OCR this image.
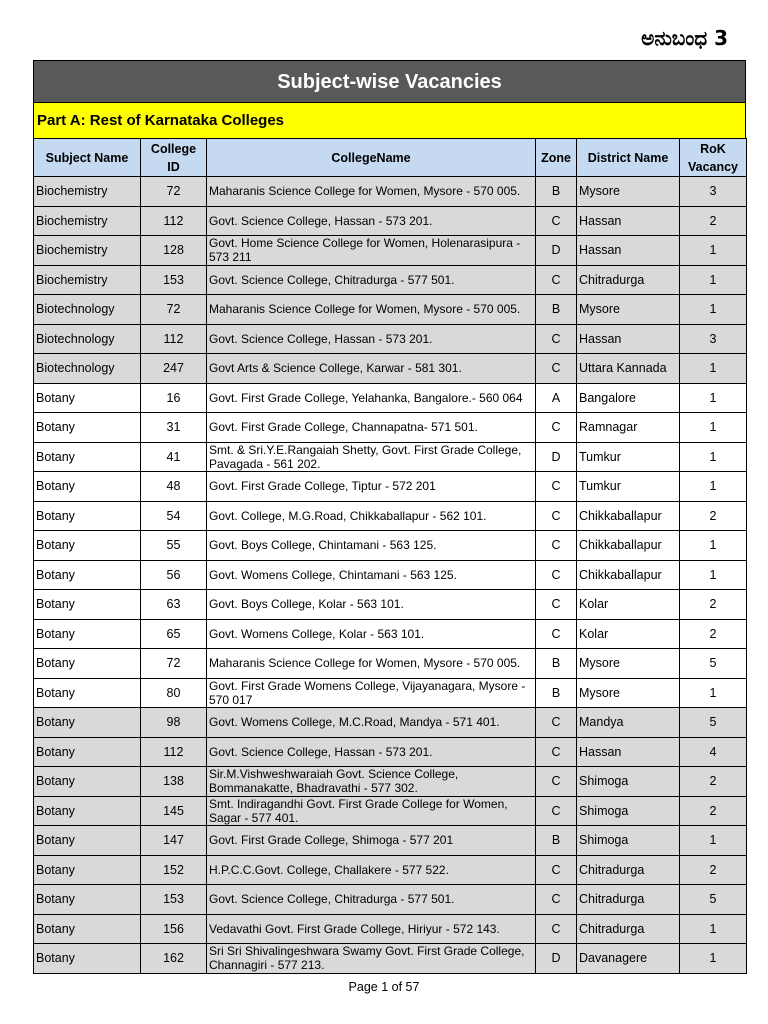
ಅನುಬಂಧ 3
Subject-wise Vacancies
Part A: Rest of Karnataka Colleges
Subject Name	College ID	CollegeName	Zone	District Name	RoK Vacancy
Biochemistry	72	Maharanis Science College for Women, Mysore - 570 005.	B	Mysore	3
Biochemistry	112	Govt. Science College, Hassan - 573 201.	C	Hassan	2
Biochemistry	128	Govt. Home Science College for Women, Holenarasipura - 573 211	D	Hassan	1
Biochemistry	153	Govt. Science College, Chitradurga - 577 501.	C	Chitradurga	1
Biotechnology	72	Maharanis Science College for Women, Mysore - 570 005.	B	Mysore	1
Biotechnology	112	Govt. Science College, Hassan - 573 201.	C	Hassan	3
Biotechnology	247	Govt Arts & Science College, Karwar - 581 301.	C	Uttara Kannada	1
Botany	16	Govt. First Grade College, Yelahanka, Bangalore.- 560 064	A	Bangalore	1
Botany	31	Govt. First Grade College, Channapatna- 571 501.	C	Ramnagar	1
Botany	41	Smt. & Sri.Y.E.Rangaiah Shetty, Govt. First Grade College, Pavagada - 561 202.	D	Tumkur	1
Botany	48	Govt. First Grade College, Tiptur - 572 201	C	Tumkur	1
Botany	54	Govt. College, M.G.Road, Chikkaballapur - 562 101.	C	Chikkaballapur	2
Botany	55	Govt. Boys College, Chintamani - 563 125.	C	Chikkaballapur	1
Botany	56	Govt. Womens College, Chintamani - 563 125.	C	Chikkaballapur	1
Botany	63	Govt. Boys College, Kolar - 563 101.	C	Kolar	2
Botany	65	Govt. Womens College, Kolar - 563 101.	C	Kolar	2
Botany	72	Maharanis Science College for Women, Mysore - 570 005.	B	Mysore	5
Botany	80	Govt. First Grade Womens College, Vijayanagara, Mysore - 570 017	B	Mysore	1
Botany	98	Govt. Womens College, M.C.Road, Mandya - 571 401.	C	Mandya	5
Botany	112	Govt. Science College, Hassan - 573 201.	C	Hassan	4
Botany	138	Sir.M.Vishweshwaraiah Govt. Science College, Bommanakatte, Bhadravathi - 577 302.	C	Shimoga	2
Botany	145	Smt. Indiragandhi Govt. First Grade College for Women, Sagar - 577 401.	C	Shimoga	2
Botany	147	Govt. First Grade College, Shimoga - 577 201	B	Shimoga	1
Botany	152	H.P.C.C.Govt. College, Challakere - 577 522.	C	Chitradurga	2
Botany	153	Govt. Science College, Chitradurga - 577 501.	C	Chitradurga	5
Botany	156	Vedavathi Govt. First Grade College, Hiriyur - 572 143.	C	Chitradurga	1
Botany	162	Sri Sri Shivalingeshwara Swamy Govt. First Grade College, Channagiri - 577 213.	D	Davanagere	1
Page 1 of 57
